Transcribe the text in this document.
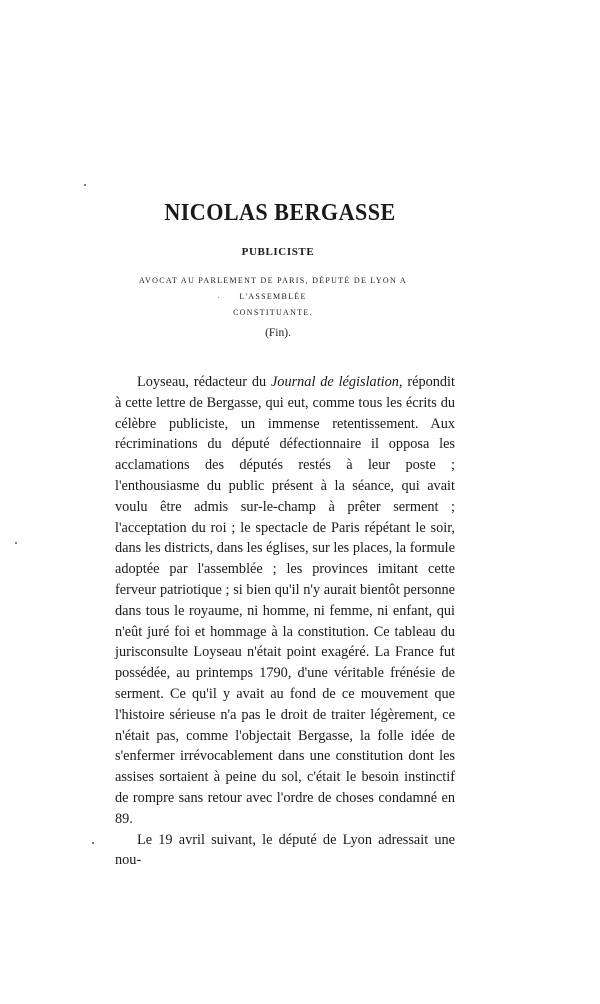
NICOLAS BERGASSE
PUBLICISTE
AVOCAT AU PARLEMENT DE PARIS, DÉPUTÉ DE LYON A L'ASSEMBLÉE
CONSTITUANTE.
(Fin).

Loyseau, rédacteur du Journal de législation, répondit à cette lettre de Bergasse, qui eut, comme tous les écrits du célèbre publiciste, un immense retentissement. Aux récriminations du député défectionnaire il opposa les acclamations des députés restés à leur poste ; l'enthousiasme du public présent à la séance, qui avait voulu être admis sur-le-champ à prêter serment ; l'acceptation du roi ; le spectacle de Paris répétant le soir, dans les districts, dans les églises, sur les places, la formule adoptée par l'assemblée ; les provinces imitant cette ferveur patriotique ; si bien qu'il n'y aurait bientôt personne dans tous le royaume, ni homme, ni femme, ni enfant, qui n'eût juré foi et hommage à la constitution. Ce tableau du jurisconsulte Loyseau n'était point exagéré. La France fut possédée, au printemps 1790, d'une véritable frénésie de serment. Ce qu'il y avait au fond de ce mouvement que l'histoire sérieuse n'a pas le droit de traiter légèrement, ce n'était pas, comme l'objectait Bergasse, la folle idée de s'enfermer irrévocablement dans une constitution dont les assises sortaient à peine du sol, c'était le besoin instinctif de rompre sans retour avec l'ordre de choses condamné en 89.

Le 19 avril suivant, le député de Lyon adressait une nou-
